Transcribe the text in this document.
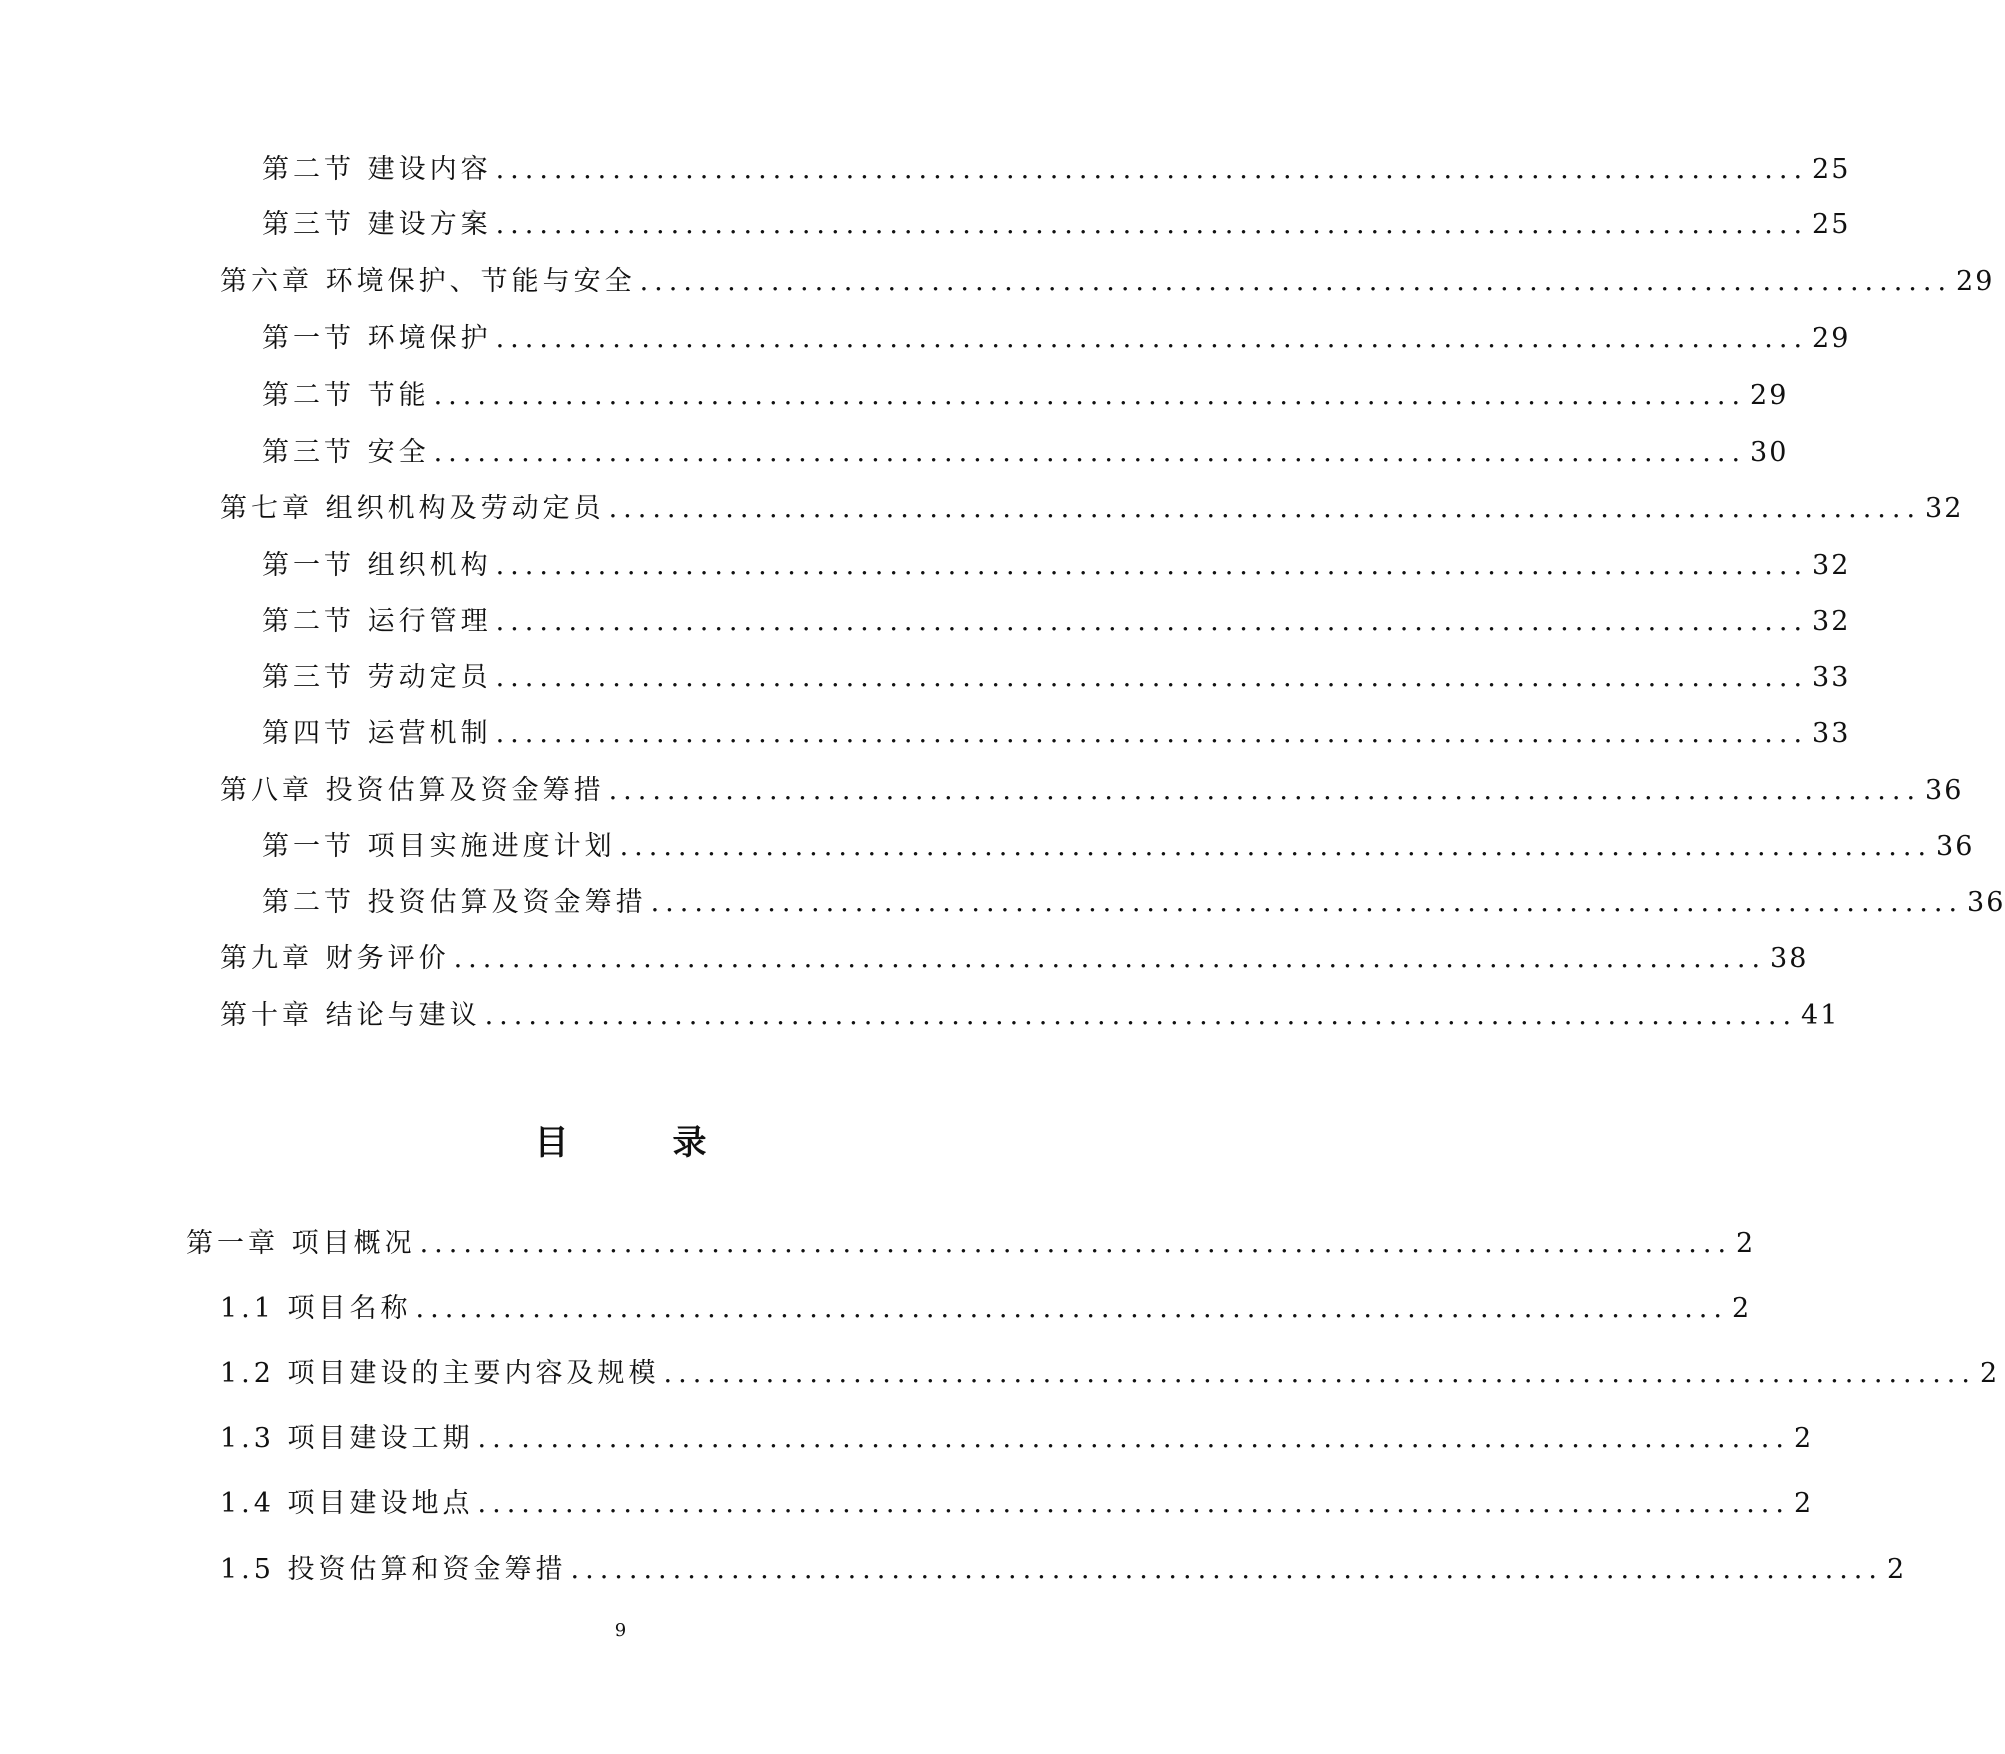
第二节 建设内容 .......................................................................................... 25
第三节 建设方案 .......................................................................................... 25
第六章 环境保护、节能与安全 .......................................................................................... 29
第一节 环境保护 .......................................................................................... 29
第二节 节能 .......................................................................................... 29
第三节 安全 .......................................................................................... 30
第七章 组织机构及劳动定员 .......................................................................................... 32
第一节 组织机构 .......................................................................................... 32
第二节 运行管理 .......................................................................................... 32
第三节 劳动定员 .......................................................................................... 33
第四节 运营机制 .......................................................................................... 33
第八章 投资估算及资金筹措 .......................................................................................... 36
第一节 项目实施进度计划 .......................................................................................... 36
第二节 投资估算及资金筹措 .......................................................................................... 36
第九章 财务评价 .......................................................................................... 38
第十章 结论与建议 .......................................................................................... 41
目	录
第一章 项目概况 .......................................................................................... 2
1.1 项目名称 .......................................................................................... 2
1.2 项目建设的主要内容及规模 .......................................................................................... 2
1.3 项目建设工期 .......................................................................................... 2
1.4 项目建设地点 .......................................................................................... 2
1.5 投资估算和资金筹措 .......................................................................................... 2
9
